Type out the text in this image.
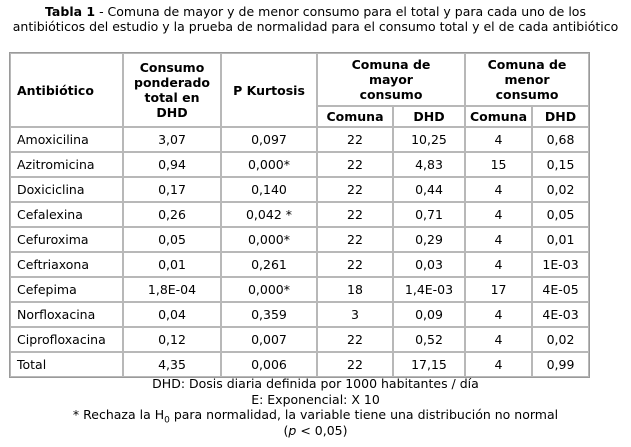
Tabla 1 - Comuna de mayor y de menor consumo para el total y para cada uno de los antibióticos del estudio y la prueba de normalidad para el consumo total y el de cada antibiótico
Antibiótico	Consumo ponderado total en DHD	P Kurtosis	Comuna de mayor consumo		Comuna de menor consumo	
			Comuna	DHD	Comuna	DHD
Amoxicilina	3,07	0,097	22	10,25	4	0,68
Azitromicina	0,94	0,000*	22	4,83	15	0,15
Doxiciclina	0,17	0,140	22	0,44	4	0,02
Cefalexina	0,26	0,042 *	22	0,71	4	0,05
Cefuroxima	0,05	0,000*	22	0,29	4	0,01
Ceftriaxona	0,01	0,261	22	0,03	4	1E-03
Cefepima	1,8E-04	0,000*	18	1,4E-03	17	4E-05
Norfloxacina	0,04	0,359	3	0,09	4	4E-03
Ciprofloxacina	0,12	0,007	22	0,52	4	0,02
Total	4,35	0,006	22	17,15	4	0,99
DHD: Dosis diaria definida por 1000 habitantes / día
E: Exponencial: X 10
* Rechaza la $H_0$ para normalidad, la variable tiene una distribución no normal
(p < 0,05)
